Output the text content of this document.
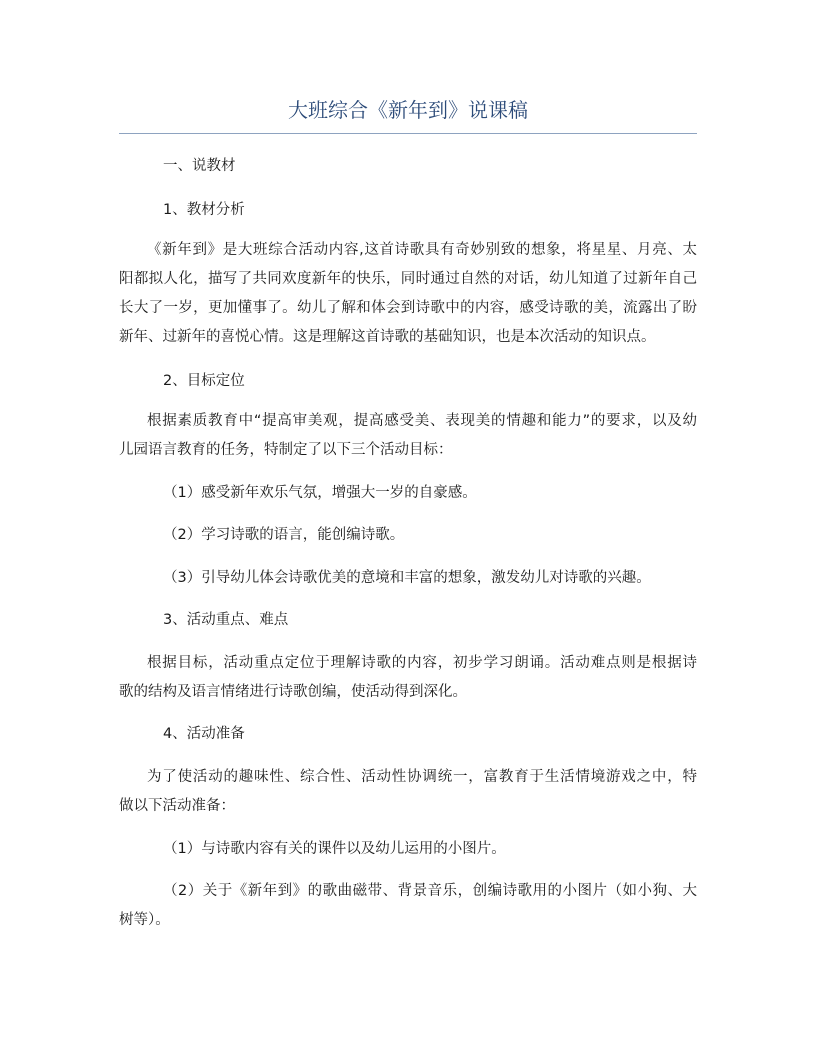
大班综合《新年到》说课稿
一、说教材
1、教材分析
《新年到》是大班综合活动内容,这首诗歌具有奇妙别致的想象，将星星、月亮、太
阳都拟人化，描写了共同欢度新年的快乐，同时通过自然的对话，幼儿知道了过新年自己
长大了一岁，更加懂事了。幼儿了解和体会到诗歌中的内容，感受诗歌的美，流露出了盼
新年、过新年的喜悦心情。这是理解这首诗歌的基础知识，也是本次活动的知识点。
2、目标定位
根据素质教育中“提高审美观，提高感受美、表现美的情趣和能力”的要求，以及幼
儿园语言教育的任务，特制定了以下三个活动目标：
（1）感受新年欢乐气氛，增强大一岁的自豪感。
（2）学习诗歌的语言，能创编诗歌。
（3）引导幼儿体会诗歌优美的意境和丰富的想象，激发幼儿对诗歌的兴趣。
3、活动重点、难点
根据目标，活动重点定位于理解诗歌的内容，初步学习朗诵。活动难点则是根据诗
歌的结构及语言情绪进行诗歌创编，使活动得到深化。
4、活动准备
为了使活动的趣味性、综合性、活动性协调统一，富教育于生活情境游戏之中，特
做以下活动准备：
（1）与诗歌内容有关的课件以及幼儿运用的小图片。
（2）关于《新年到》的歌曲磁带、背景音乐，创编诗歌用的小图片（如小狗、大
树等）。
